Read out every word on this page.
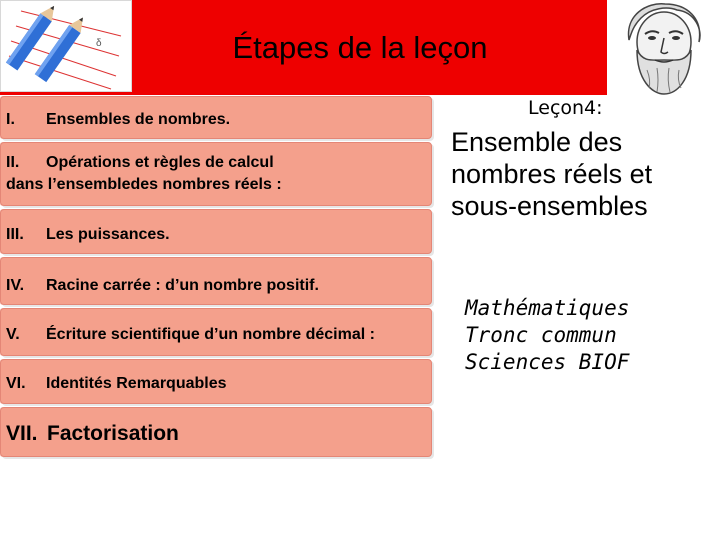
δ	Étapes de la leçon
I. Ensembles de nombres.
II. Opérations et règles de calcul
dans l’ensembledes nombres réels :
III. Les puissances.
IV. Racine carrée : d’un nombre positif.
V. Écriture scientifique d’un nombre décimal :
VI. Identités Remarquables
VII. Factorisation
Leçon4:
Ensemble des
nombres réels et
sous-ensembles
Mathématiques
Tronc commun
Sciences BIOF
